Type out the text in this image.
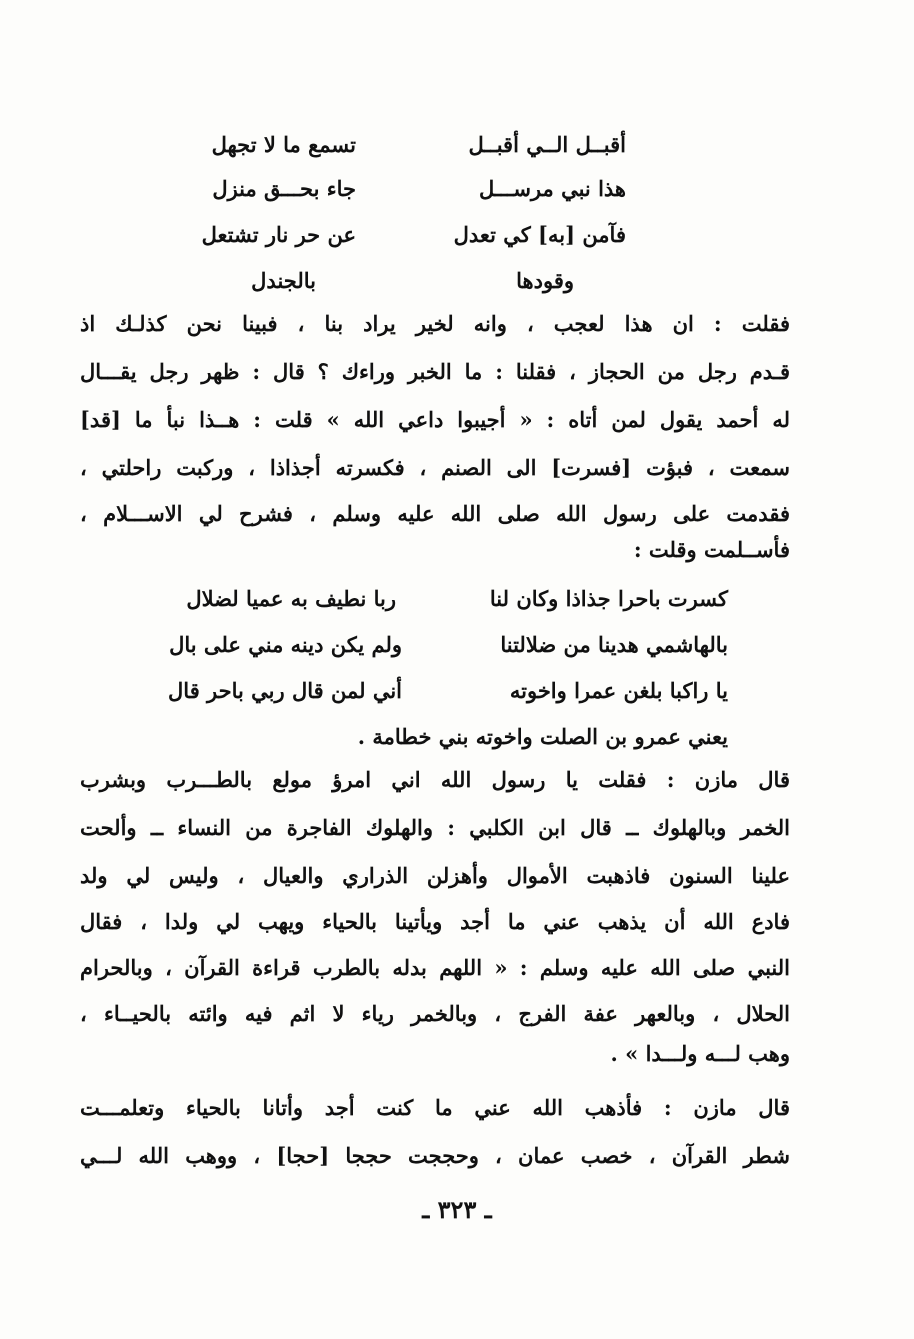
أقبــل الــي أقبــل
تسمع ما لا تجهل
هذا نبي مرســـل
جاء بحـــق منزل
فآمن [به] كي تعدل
عن حر نار تشتعل
وقودها
بالجندل
فقلت : ان هذا لعجب ، وانه لخير يراد بنا ، فبينا نحن كذلـك اذ
قـدم رجل من الحجاز ، فقلنا : ما الخبر وراءك ؟ قال : ظهر رجل يقـــال
له أحمد يقول لمن أتاه : « أجيبوا داعي الله » قلت : هــذا نبأ ما [قد]
سمعت ، فبؤت [فسرت] الى الصنم ، فكسرته أجذاذا ، وركبت راحلتي ،
فقدمت على رسول الله صلى الله عليه وسلم ، فشرح لي الاســـلام ،
فأســلمت وقلت :
كسرت باحرا جذاذا وكان لنا
ربا نطيف به عميا لضلال
بالهاشمي هدينا من ضلالتنا
ولم يكن دينه مني على بال
يا راكبا بلغن عمرا واخوته
أني لمن قال ربي باحر قال
يعني عمرو بن الصلت واخوته بني خطامة .
قال مازن : فقلت يا رسول الله اني امرؤ مولع بالطـــرب وبشرب
الخمر وبالهلوك ــ قال ابن الكلبي : والهلوك الفاجرة من النساء ــ وألحت
علينا السنون فاذهبت الأموال وأهزلن الذراري والعيال ، وليس لي ولد
فادع الله أن يذهب عني ما أجد ويأتينا بالحياء ويهب لي ولدا ، فقال
النبي صلى الله عليه وسلم : « اللهم بدله بالطرب قراءة القرآن ، وبالحرام
الحلال ، وبالعهر عفة الفرج ، وبالخمر رياء لا اثم فيه وائته بالحيــاء ،
وهب لـــه ولـــدا » .
قال مازن : فأذهب الله عني ما كنت أجد وأتانا بالحياء وتعلمـــت
شطر القرآن ، خصب عمان ، وحججت حججا [حجا] ، ووهب الله لـــي
ـ ٣٢٣ ـ
